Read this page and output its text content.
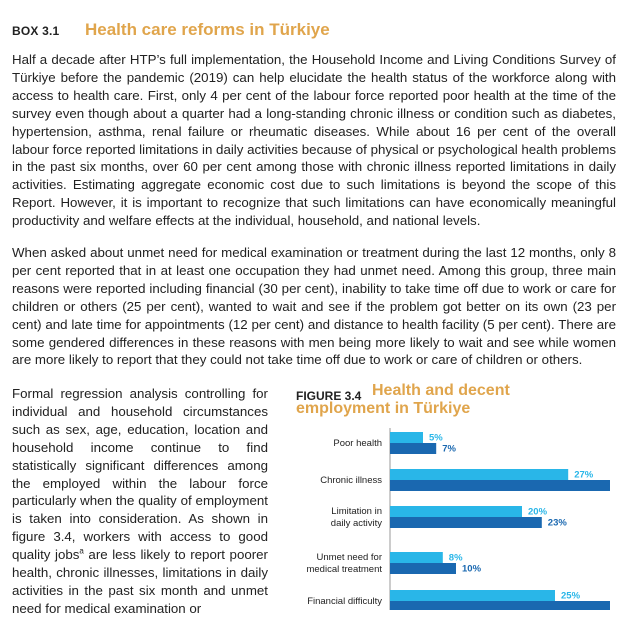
BOX 3.1 Health care reforms in Türkiye

Half a decade after HTP’s full implementation, the Household Income and Living Conditions Survey of Türkiye before the pandemic (2019) can help elucidate the health status of the workforce along with access to health care. First, only 4 per cent of the labour force reported poor health at the time of the survey even though about a quarter had a long-standing chronic illness or condition such as diabetes, hypertension, asthma, renal failure or rheumatic diseases. While about 16 per cent of the overall labour force reported limitations in daily activities because of physical or psychological health problems in the past six months, over 60 per cent among those with chronic illness reported limitations in daily activities. Estimating aggregate economic cost due to such limitations is beyond the scope of this Report. However, it is important to recognize that such limitations can have economically meaningful productivity and welfare effects at the individual, household, and national levels.

When asked about unmet need for medical examination or treatment during the last 12 months, only 8 per cent reported that in at least one occupation they had unmet need. Among this group, three main reasons were reported including financial (30 per cent), inability to take time off due to work or care for children or others (25 per cent), wanted to wait and see if the problem got better on its own (23 per cent) and late time for appointments (12 per cent) and distance to health facility (5 per cent). There are some gendered differences in these reasons with men being more likely to wait and see while women are more likely to report that they could not take time off due to work or care of children or others.

Formal regression analysis controlling for individual and household circumstances such as sex, age, education, location and household income continue to find statistically significant differences among the employed within the labour force particularly when the quality of employment is taken into consideration. As shown in figure 3.4, workers with access to good quality jobs$^a$ are less likely to report poorer health, chronic illnesses, limitations in daily activities in the past six month and unmet need for medical examination or

Health and decent employment in Türkiye
FIGURE 3.4
Poor health	5%
7%
Chronic illness	27%
Limitation in daily activity
20%
23%
Unmet need for medical treatment
8%
10%
Financial difficulty	25%
